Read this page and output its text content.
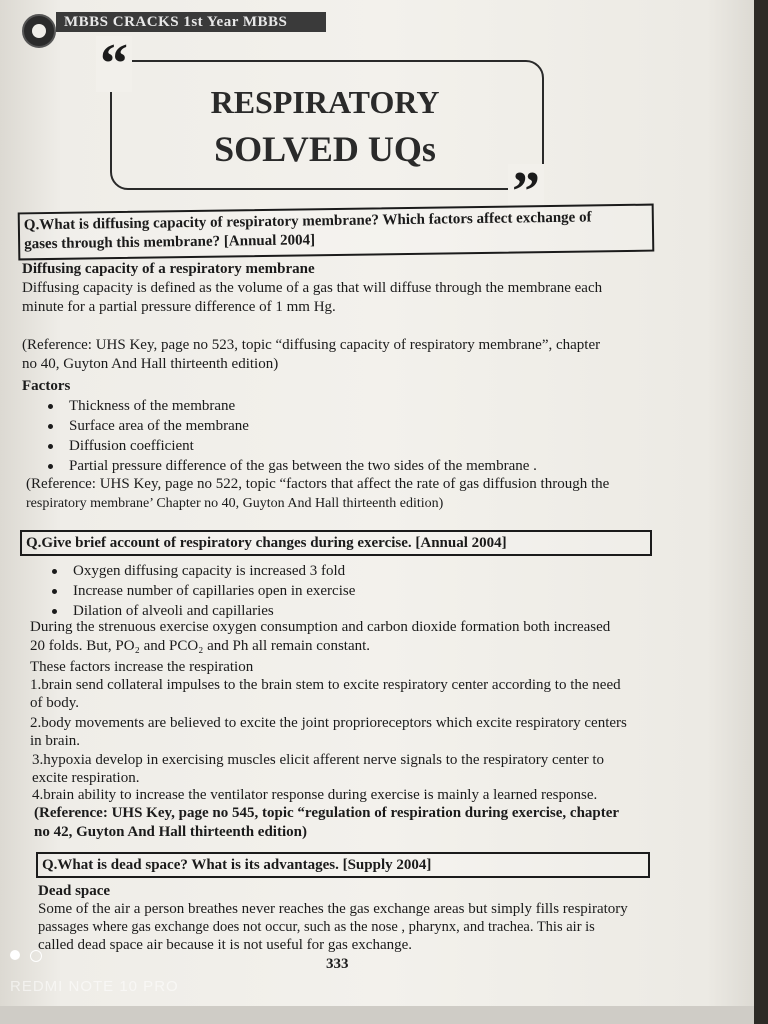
MBBS CRACKS 1st Year MBBS
“
”
RESPIRATORY
SOLVED UQs
Q.What is diffusing capacity of respiratory membrane? Which factors affect exchange of
gases through this membrane? [Annual 2004]
Diffusing capacity of a respiratory membrane
Diffusing capacity is defined as the volume of a gas that will diffuse through the membrane each
minute for a partial pressure difference of 1 mm Hg.
(Reference: UHS Key, page no 523, topic “diffusing capacity of respiratory membrane”, chapter
no 40, Guyton And Hall thirteenth edition)
Factors
Thickness of the membrane
Surface area of the membrane
Diffusion coefficient
Partial pressure difference of the gas between the two sides of the membrane .
(Reference: UHS Key, page no 522, topic “factors that affect the rate of gas diffusion through the
respiratory membrane’ Chapter no 40, Guyton And Hall thirteenth edition)
Q.Give brief account of respiratory changes during exercise. [Annual 2004]
Oxygen diffusing capacity is increased 3 fold
Increase number of capillaries open in exercise
Dilation of alveoli and capillaries
During the strenuous exercise oxygen consumption and carbon dioxide formation both increased
20 folds. But, PO₂ and PCO₂ and Ph all remain constant.
These factors increase the respiration
1.brain send collateral impulses to the brain stem to excite respiratory center according to the need
of body.
2.body movements are believed to excite the joint proprioreceptors which excite respiratory centers
in brain.
3.hypoxia develop in exercising muscles elicit afferent nerve signals to the respiratory center to
excite respiration.
4.brain ability to increase the ventilator response during exercise is mainly a learned response.
(Reference: UHS Key, page no 545, topic “regulation of respiration during exercise, chapter
no 42, Guyton And Hall thirteenth edition)
Q.What is dead space? What is its advantages. [Supply 2004]
Dead space
Some of the air a person breathes never reaches the gas exchange areas but simply fills respiratory
passages where gas exchange does not occur, such as the nose , pharynx, and trachea. This air is
called dead space air because it is not useful for gas exchange.
333
REDMI NOTE 10 PRO
